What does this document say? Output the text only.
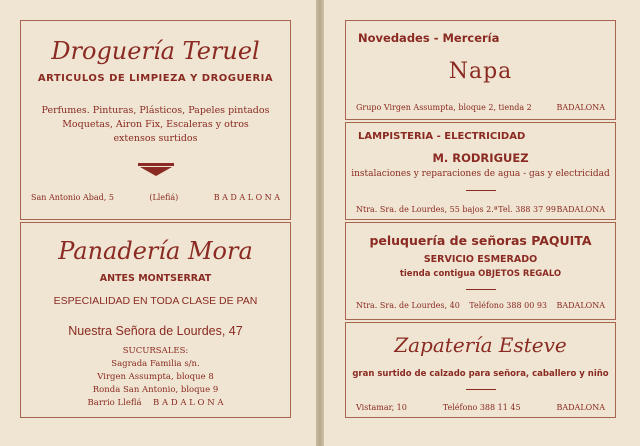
Droguería Teruel
ARTICULOS DE LIMPIEZA Y DROGUERIA
Perfumes. Pinturas, Plásticos, Papeles pintados
Moquetas, Airon Fix, Escaleras y otros
extensos surtidos
San Antonio Abad, 5	(Llefiá)	B A D A L O N A
Panadería Mora
ANTES MONTSERRAT
ESPECIALIDAD EN TODA CLASE DE PAN
Nuestra Señora de Lourdes, 47
SUCURSALES:
Sagrada Familia s/n.
Virgen Assumpta, bloque 8
Ronda San Antonio, bloque 9
Barrio Lleflá B A D A L O N A
Novedades - Mercería
Napa
Grupo Virgen Assumpta, bloque 2, tienda 2	BADALONA
LAMPISTERIA - ELECTRICIDAD
M. RODRIGUEZ
instalaciones y reparaciones de agua - gas y electricidad
Ntra. Sra. de Lourdes, 55 bajos 2.ª Tel. 388 37 99 BADALONA
peluquería de señoras PAQUITA
SERVICIO ESMERADO
tienda contigua OBJETOS REGALO
Ntra. Sra. de Lourdes, 40 Teléfono 388 00 93 BADALONA
Zapatería Esteve
gran surtido de calzado para señora, caballero y niño
Vistamar, 10	Teléfono 388 11 45	BADALONA
